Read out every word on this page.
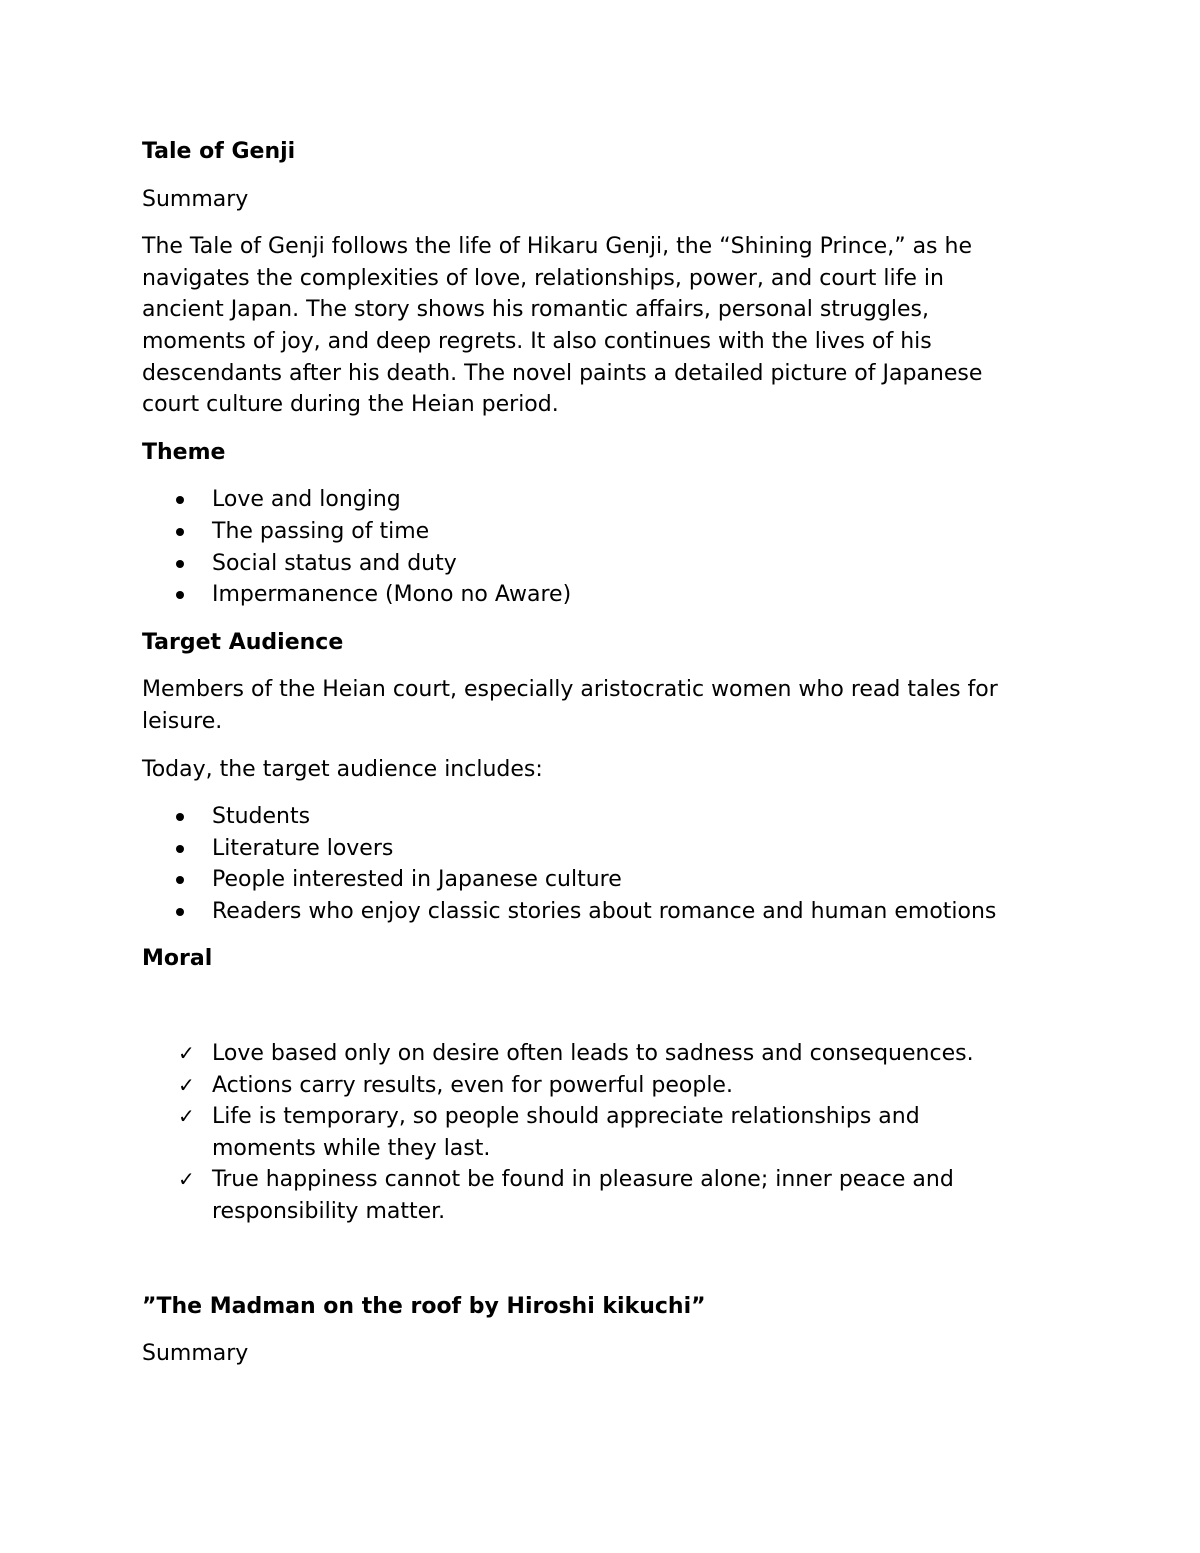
Tale of Genji

Summary

The Tale of Genji follows the life of Hikaru Genji, the “Shining Prince,” as he
navigates the complexities of love, relationships, power, and court life in
ancient Japan. The story shows his romantic affairs, personal struggles,
moments of joy, and deep regrets. It also continues with the lives of his
descendants after his death. The novel paints a detailed picture of Japanese
court culture during the Heian period.

Theme

Love and longing
The passing of time
Social status and duty
Impermanence (Mono no Aware)

Target Audience

Members of the Heian court, especially aristocratic women who read tales for
leisure.

Today, the target audience includes:

Students
Literature lovers
People interested in Japanese culture
Readers who enjoy classic stories about romance and human emotions

Moral

✓ Love based only on desire often leads to sadness and consequences.
✓ Actions carry results, even for powerful people.
✓ Life is temporary, so people should appreciate relationships and
moments while they last.
✓ True happiness cannot be found in pleasure alone; inner peace and
responsibility matter.

”The Madman on the roof by Hiroshi kikuchi”

Summary
